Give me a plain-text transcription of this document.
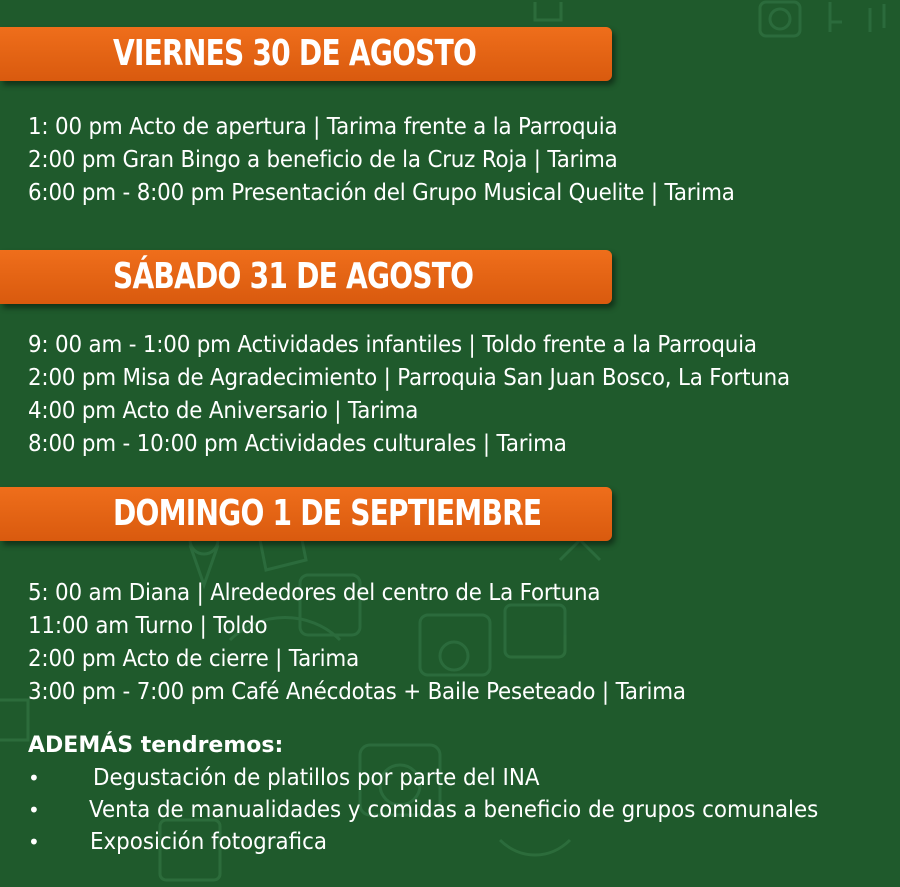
VIERNES 30 DE AGOSTO
1: 00 pm Acto de apertura | Tarima frente a la Parroquia
2:00 pm Gran Bingo a beneficio de la Cruz Roja | Tarima
6:00 pm - 8:00 pm Presentación del Grupo Musical Quelite | Tarima
SÁBADO 31 DE AGOSTO
9: 00 am - 1:00 pm Actividades infantiles | Toldo frente a la Parroquia
2:00 pm Misa de Agradecimiento | Parroquia San Juan Bosco, La Fortuna
4:00 pm Acto de Aniversario | Tarima
8:00 pm - 10:00 pm Actividades culturales | Tarima
DOMINGO 1 DE SEPTIEMBRE
5: 00 am Diana | Alrededores del centro de La Fortuna
11:00 am Turno | Toldo
2:00 pm Acto de cierre | Tarima
3:00 pm - 7:00 pm Café Anécdotas + Baile Peseteado | Tarima
ADEMÁS tendremos:
• Degustación de platillos por parte del INA
• Venta de manualidades y comidas a beneficio de grupos comunales
• Exposición fotografica
